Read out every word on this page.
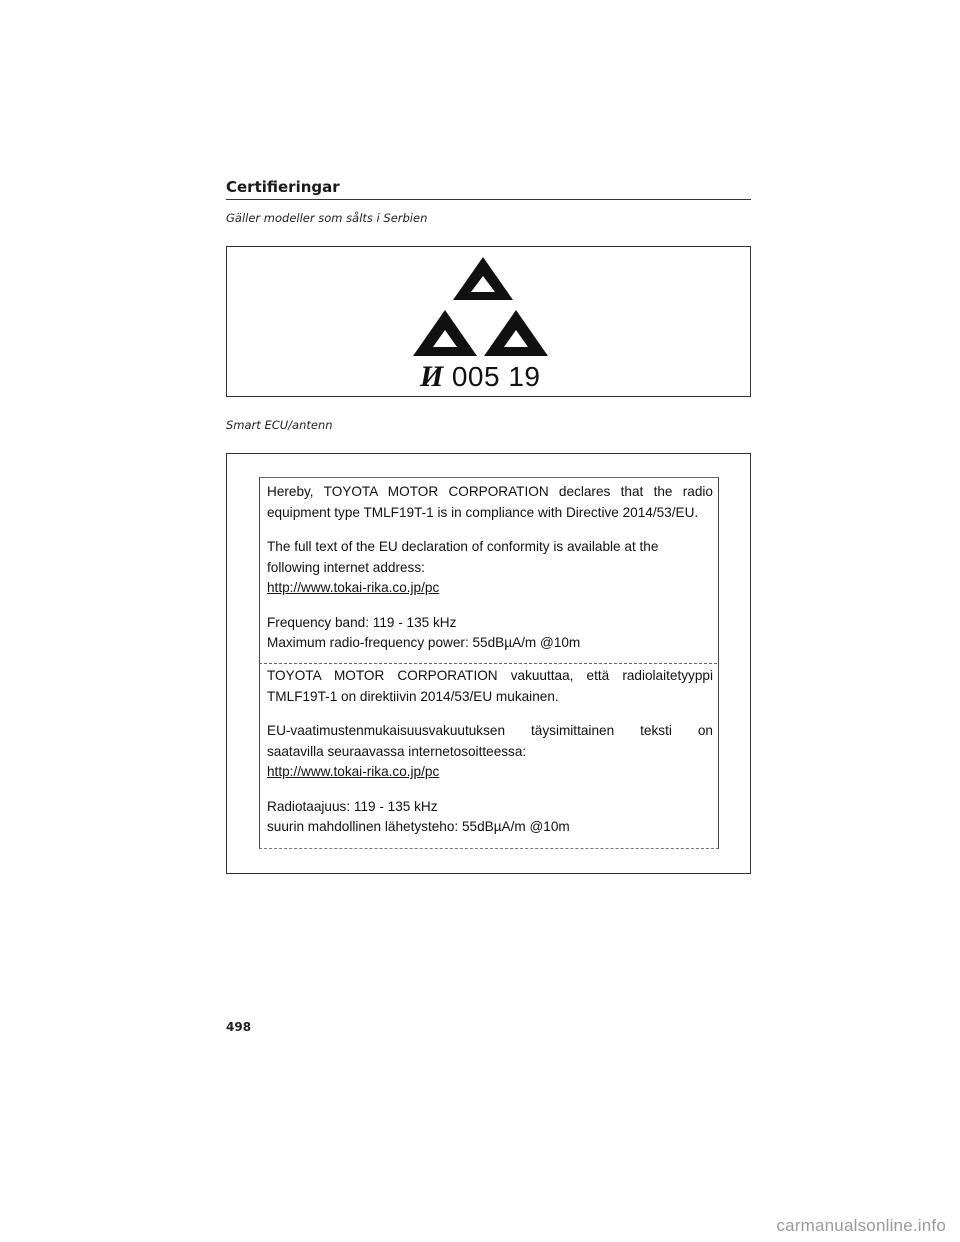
Certifieringar
Gäller modeller som sålts i Serbien
И 005 19
Smart ECU/antenn

Hereby, TOYOTA MOTOR CORPORATION declares that the radio

equipment type TMLF19T-1 is in compliance with Directive 2014/53/EU.

The full text of the EU declaration of conformity is available at the

following internet address:

http://www.tokai-rika.co.jp/pc

Frequency band: 119 - 135 kHz

Maximum radio-frequency power: 55dBµA/m @10m

TOYOTA MOTOR CORPORATION vakuuttaa, että radiolaitetyyppi

TMLF19T-1 on direktiivin 2014/53/EU mukainen.

EU-vaatimustenmukaisuusvakuutuksen täysimittainen teksti on

saatavilla seuraavassa internetosoitteessa:

http://www.tokai-rika.co.jp/pc

Radiotaajuus: 119 - 135 kHz

suurin mahdollinen lähetysteho: 55dBµA/m @10m

498
carmanualsonline.info
